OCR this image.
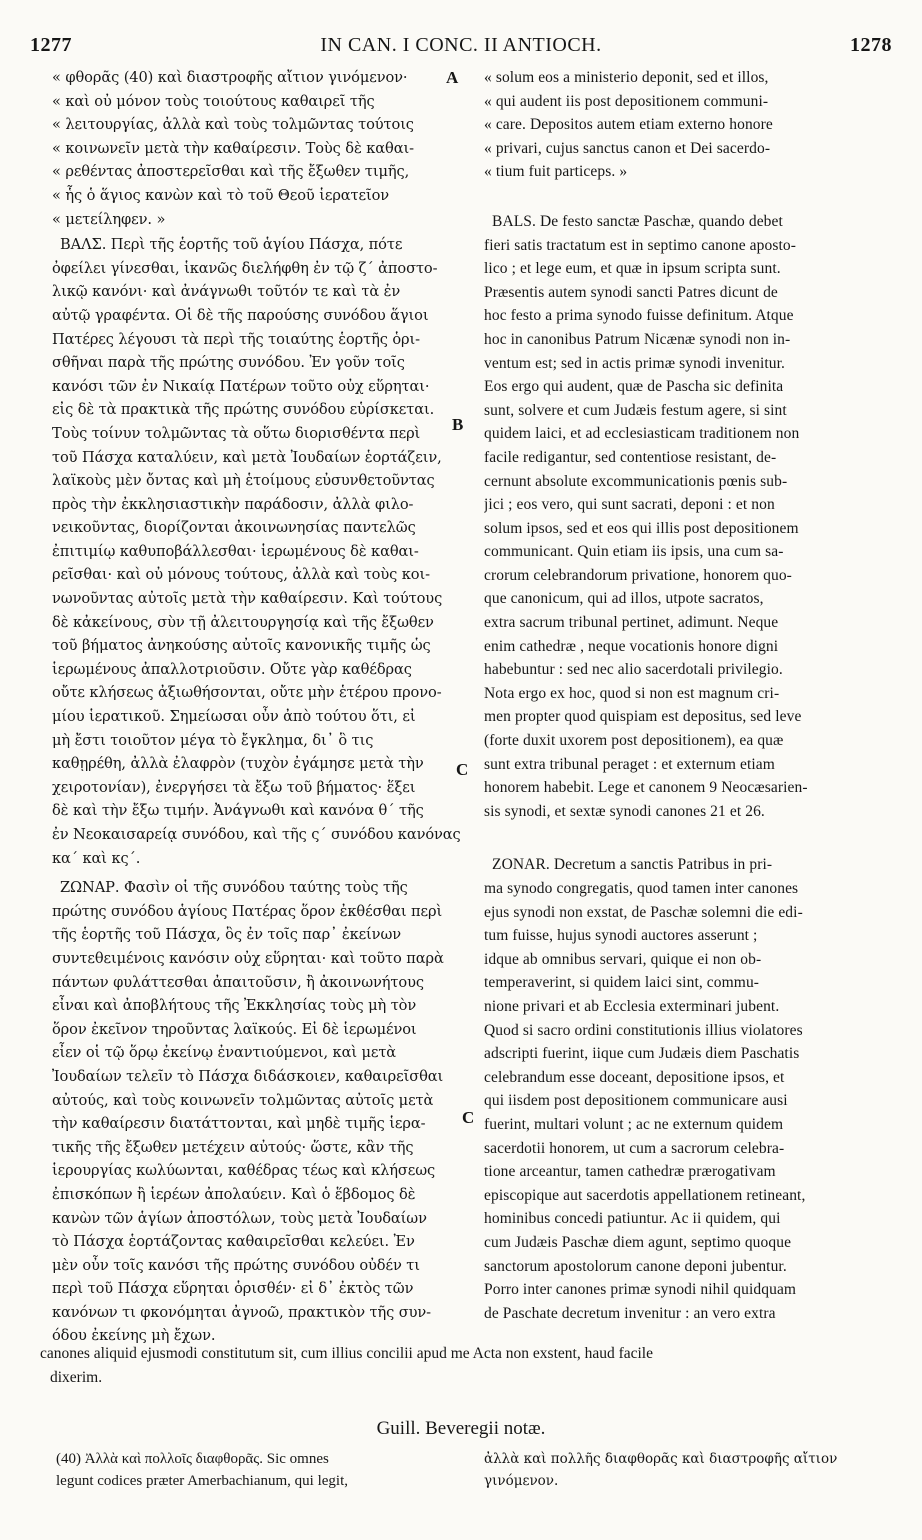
1277	IN CAN. I CONC. II ANTIOCH.	1278
« φθορᾶς (40) καὶ διαστροφῆς αἴτιον γινόμενον·
« καὶ οὐ μόνον τοὺς τοιούτους καθαιρεῖ τῆς
« λειτουργίας, ἀλλὰ καὶ τοὺς τολμῶντας τούτοις
« κοινωνεῖν μετὰ τὴν καθαίρεσιν. Τοὺς δὲ καθαι-
« ρεθέντας ἀποστερεῖσθαι καὶ τῆς ἔξωθεν τιμῆς,
« ἧς ὁ ἅγιος κανὼν καὶ τὸ τοῦ Θεοῦ ἱερατεῖον
« μετείληφεν. »
ΒΑΛΣ. Περὶ τῆς ἑορτῆς τοῦ ἁγίου Πάσχα, πότε
ὀφείλει γίνεσθαι, ἱκανῶς διελήφθη ἐν τῷ ζ΄ ἀποστο-
λικῷ κανόνι· καὶ ἀνάγνωθι τοῦτόν τε καὶ τὰ ἐν
αὐτῷ γραφέντα. Οἱ δὲ τῆς παρούσης συνόδου ἅγιοι
Πατέρες λέγουσι τὰ περὶ τῆς τοιαύτης ἑορτῆς ὁρι-
σθῆναι παρὰ τῆς πρώτης συνόδου. Ἐν γοῦν τοῖς
κανόσι τῶν ἐν Νικαίᾳ Πατέρων τοῦτο οὐχ εὕρηται·
εἰς δὲ τὰ πρακτικὰ τῆς πρώτης συνόδου εὑρίσκεται.
Τοὺς τοίνυν τολμῶντας τὰ οὕτω διορισθέντα περὶ
τοῦ Πάσχα καταλύειν, καὶ μετὰ Ἰουδαίων ἑορτάζειν,
λαϊκοὺς μὲν ὄντας καὶ μὴ ἑτοίμους εὐσυνθετοῦντας
πρὸς τὴν ἐκκλησιαστικὴν παράδοσιν, ἀλλὰ φιλο-
νεικοῦντας, διορίζονται ἀκοινωνησίας παντελῶς
ἐπιτιμίῳ καθυποβάλλεσθαι· ἱερωμένους δὲ καθαι-
ρεῖσθαι· καὶ οὐ μόνους τούτους, ἀλλὰ καὶ τοὺς κοι-
νωνοῦντας αὐτοῖς μετὰ τὴν καθαίρεσιν. Καὶ τούτους
δὲ κἀκείνους, σὺν τῇ ἀλειτουργησίᾳ καὶ τῆς ἔξωθεν
τοῦ βήματος ἀνηκούσης αὐτοῖς κανονικῆς τιμῆς ὡς
ἱερωμένους ἀπαλλοτριοῦσιν. Οὔτε γὰρ καθέδρας
οὔτε κλήσεως ἀξιωθήσονται, οὔτε μὴν ἑτέρου προνο-
μίου ἱερατικοῦ. Σημείωσαι οὖν ἀπὸ τούτου ὅτι, εἰ
μὴ ἔστι τοιοῦτον μέγα τὸ ἔγκλημα, δι᾽ ὃ τις
καθῃρέθη, ἀλλὰ ἐλαφρὸν (τυχὸν ἐγάμησε μετὰ τὴν
χειροτονίαν), ἐνεργήσει τὰ ἔξω τοῦ βήματος· ἕξει
δὲ καὶ τὴν ἔξω τιμήν. Ἀνάγνωθι καὶ κανόνα θ΄ τῆς
ἐν Νεοκαισαρείᾳ συνόδου, καὶ τῆς ς΄ συνόδου κανόνας
κα΄ καὶ κς΄.
ΖΩΝΑΡ. Φασὶν οἱ τῆς συνόδου ταύτης τοὺς τῆς
πρώτης συνόδου ἁγίους Πατέρας ὅρον ἐκθέσθαι περὶ
τῆς ἑορτῆς τοῦ Πάσχα, ὃς ἐν τοῖς παρ᾽ ἐκείνων
συντεθειμένοις κανόσιν οὐχ εὕρηται· καὶ τοῦτο παρὰ
πάντων φυλάττεσθαι ἀπαιτοῦσιν, ἢ ἀκοινωνήτους
εἶναι καὶ ἀποβλήτους τῆς Ἐκκλησίας τοὺς μὴ τὸν
ὅρον ἐκεῖνον τηροῦντας λαϊκούς. Εἰ δὲ ἱερωμένοι
εἶεν οἱ τῷ ὅρῳ ἐκείνῳ ἐναντιούμενοι, καὶ μετὰ
Ἰουδαίων τελεῖν τὸ Πάσχα διδάσκοιεν, καθαιρεῖσθαι
αὐτούς, καὶ τοὺς κοινωνεῖν τολμῶντας αὐτοῖς μετὰ
τὴν καθαίρεσιν διατάττονται, καὶ μηδὲ τιμῆς ἱερα-
τικῆς τῆς ἔξωθεν μετέχειν αὐτούς· ὥστε, κἂν τῆς
ἱερουργίας κωλύωνται, καθέδρας τέως καὶ κλήσεως
ἐπισκόπων ἢ ἱερέων ἀπολαύειν. Καὶ ὁ ἕβδομος δὲ
κανὼν τῶν ἁγίων ἀποστόλων, τοὺς μετὰ Ἰουδαίων
τὸ Πάσχα ἑορτάζοντας καθαιρεῖσθαι κελεύει. Ἐν
μὲν οὖν τοῖς κανόσι τῆς πρώτης συνόδου οὐδέν τι
περὶ τοῦ Πάσχα εὕρηται ὁρισθέν· εἰ δ᾽ ἐκτὸς τῶν
κανόνων τι φκονόμηται ἀγνοῶ, πρακτικὸν τῆς συν-
όδου ἐκείνης μὴ ἔχων.
« solum eos a ministerio deponit, sed et illos,
« qui audent iis post depositionem communi-
« care. Depositos autem etiam externo honore
« privari, cujus sanctus canon et Dei sacerdo-
« tium fuit particeps. »
BALS. De festo sanctæ Paschæ, quando debet
fieri satis tractatum est in septimo canone aposto-
lico ; et lege eum, et quæ in ipsum scripta sunt.
Præsentis autem synodi sancti Patres dicunt de
hoc festo a prima synodo fuisse definitum. Atque
hoc in canonibus Patrum Nicænæ synodi non in-
ventum est; sed in actis primæ synodi invenitur.
Eos ergo qui audent, quæ de Pascha sic definita
sunt, solvere et cum Judæis festum agere, si sint
quidem laici, et ad ecclesiasticam traditionem non
facile redigantur, sed contentiose resistant, de-
cernunt absolute excommunicationis pœnis sub-
jici ; eos vero, qui sunt sacrati, deponi : et non
solum ipsos, sed et eos qui illis post depositionem
communicant. Quin etiam iis ipsis, una cum sa-
crorum celebrandorum privatione, honorem quo-
que canonicum, qui ad illos, utpote sacratos,
extra sacrum tribunal pertinet, adimunt. Neque
enim cathedræ , neque vocationis honore digni
habebuntur : sed nec alio sacerdotali privilegio.
Nota ergo ex hoc, quod si non est magnum cri-
men propter quod quispiam est depositus, sed leve
(forte duxit uxorem post depositionem), ea quæ
sunt extra tribunal peraget : et externum etiam
honorem habebit. Lege et canonem 9 Neocæsarien-
sis synodi, et sextæ synodi canones 21 et 26.
ZONAR. Decretum a sanctis Patribus in pri-
ma synodo congregatis, quod tamen inter canones
ejus synodi non exstat, de Paschæ solemni die edi-
tum fuisse, hujus synodi auctores asserunt ;
idque ab omnibus servari, quique ei non ob-
temperaverint, si quidem laici sint, commu-
nione privari et ab Ecclesia exterminari jubent.
Quod si sacro ordini constitutionis illius violatores
adscripti fuerint, iique cum Judæis diem Paschatis
celebrandum esse doceant, depositione ipsos, et
qui iisdem post depositionem communicare ausi
fuerint, multari volunt ; ac ne externum quidem
sacerdotii honorem, ut cum a sacrorum celebra-
tione arceantur, tamen cathedræ prærogativam
episcopique aut sacerdotis appellationem retineant,
hominibus concedi patiuntur. Ac ii quidem, qui
cum Judæis Paschæ diem agunt, septimo quoque
sanctorum apostolorum canone deponi jubentur.
Porro inter canones primæ synodi nihil quidquam
de Paschate decretum invenitur : an vero extra
A
B
C
C
canones aliquid ejusmodi constitutum sit, cum illius concilii apud me Acta non exstent, haud facile
dixerim.
Guill. Beveregii notæ.
(40) Ἀλλὰ καὶ πολλοῖς διαφθορᾶς. Sic omnes
legunt codices præter Amerbachianum, qui legit,
ἀλλὰ καὶ πολλῆς διαφθορᾶς καὶ διαστροφῆς αἴτιον
γινόμενον.
